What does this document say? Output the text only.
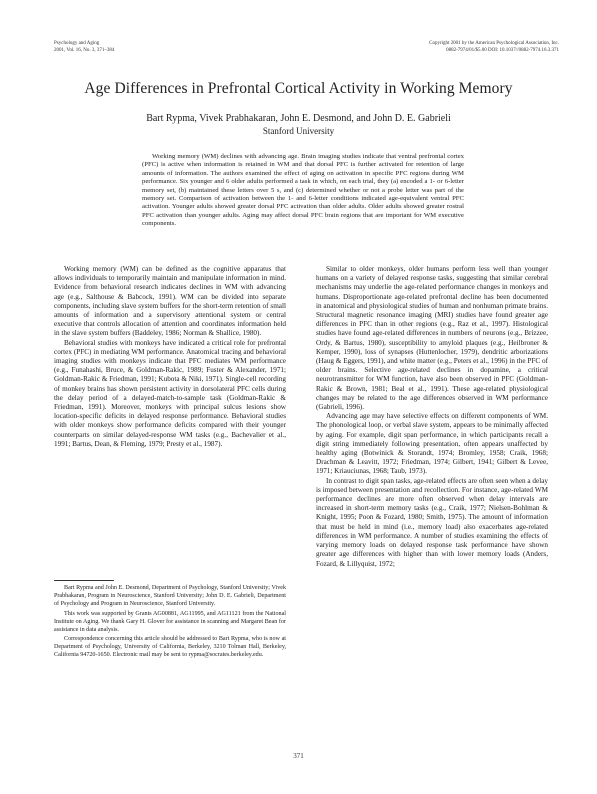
Psychology and Aging
2001, Vol. 16, No. 3, 371–384
Copyright 2001 by the American Psychological Association, Inc.
0882-7974/01/$5.00 DOI: 10.1037//0882-7974.16.3.371
Age Differences in Prefrontal Cortical Activity in Working Memory
Bart Rypma, Vivek Prabhakaran, John E. Desmond, and John D. E. Gabrieli
Stanford University

Working memory (WM) declines with advancing age. Brain imaging studies indicate that ventral prefrontal cortex (PFC) is active when information is retained in WM and that dorsal PFC is further activated for retention of large amounts of information. The authors examined the effect of aging on activation in specific PFC regions during WM performance. Six younger and 6 older adults performed a task in which, on each trial, they (a) encoded a 1- or 6-letter memory set, (b) maintained these letters over 5 s, and (c) determined whether or not a probe letter was part of the memory set. Comparison of activation between the 1- and 6-letter conditions indicated age-equivalent ventral PFC activation. Younger adults showed greater dorsal PFC activation than older adults. Older adults showed greater rostral PFC activation than younger adults. Aging may affect dorsal PFC brain regions that are important for WM executive components.

Working memory (WM) can be defined as the cognitive apparatus that allows individuals to temporarily maintain and manipulate information in mind. Evidence from behavioral research indicates declines in WM with advancing age (e.g., Salthouse & Babcock, 1991). WM can be divided into separate components, including slave system buffers for the short-term retention of small amounts of information and a supervisory attentional system or central executive that controls allocation of attention and coordinates information held in the slave system buffers (Baddeley, 1986; Norman & Shallice, 1980).

Behavioral studies with monkeys have indicated a critical role for prefrontal cortex (PFC) in mediating WM performance. Anatomical tracing and behavioral imaging studies with monkeys indicate that PFC mediates WM performance (e.g., Funahashi, Bruce, & Goldman-Rakic, 1989; Fuster & Alexander, 1971; Goldman-Rakic & Friedman, 1991; Kubota & Niki, 1971). Single-cell recording of monkey brains has shown persistent activity in dorsolateral PFC cells during the delay period of a delayed-match-to-sample task (Goldman-Rakic & Friedman, 1991). Moreover, monkeys with principal sulcus lesions show location-specific deficits in delayed response performance. Behavioral studies with older monkeys show performance deficits compared with their younger counterparts on similar delayed-response WM tasks (e.g., Bachevalier et al., 1991; Bartus, Dean, & Fleming, 1979; Presty et al., 1987).

Bart Rypma and John E. Desmond, Department of Psychology, Stanford University; Vivek Prabhakaran, Program in Neuroscience, Stanford University; John D. E. Gabrieli, Department of Psychology and Program in Neuroscience, Stanford University.

This work was supported by Grants AG00881, AG11995, and AG11121 from the National Institute on Aging. We thank Gary H. Glover for assistance in scanning and Margaret Bean for assistance in data analysis.

Correspondence concerning this article should be addressed to Bart Rypma, who is now at Department of Psychology, University of California, Berkeley, 3210 Tolman Hall, Berkeley, California 94720-1650. Electronic mail may be sent to rypma@socrates.berkeley.edu.

Similar to older monkeys, older humans perform less well than younger humans on a variety of delayed response tasks, suggesting that similar cerebral mechanisms may underlie the age-related performance changes in monkeys and humans. Disproportionate age-related prefrontal decline has been documented in anatomical and physiological studies of human and nonhuman primate brains. Structural magnetic resonance imaging (MRI) studies have found greater age differences in PFC than in other regions (e.g., Raz et al., 1997). Histological studies have found age-related differences in numbers of neurons (e.g., Brizzee, Ordy, & Bartus, 1980), susceptibility to amyloid plaques (e.g., Heilbroner & Kemper, 1990), loss of synapses (Huttenlocher, 1979), dendritic arborizations (Haug & Eggers, 1991), and white matter (e.g., Peters et al., 1996) in the PFC of older brains. Selective age-related declines in dopamine, a critical neurotransmitter for WM function, have also been observed in PFC (Goldman-Rakic & Brown, 1981; Beal et al., 1991). These age-related physiological changes may be related to the age differences observed in WM performance (Gabrieli, 1996).

Advancing age may have selective effects on different components of WM. The phonological loop, or verbal slave system, appears to be minimally affected by aging. For example, digit span performance, in which participants recall a digit string immediately following presentation, often appears unaffected by healthy aging (Botwinick & Storandt, 1974; Bromley, 1958; Craik, 1968; Drachman & Leavitt, 1972; Friedman, 1974; Gilbert, 1941; Gilbert & Levee, 1971; Kriauciunas, 1968; Taub, 1973).

In contrast to digit span tasks, age-related effects are often seen when a delay is imposed between presentation and recollection. For instance, age-related WM performance declines are more often observed when delay intervals are increased in short-term memory tasks (e.g., Craik, 1977; Nielsen-Bohlman & Knight, 1995; Poon & Fozard, 1980; Smith, 1975). The amount of information that must be held in mind (i.e., memory load) also exacerbates age-related differences in WM performance. A number of studies examining the effects of varying memory loads on delayed response task performance have shown greater age differences with higher than with lower memory loads (Anders, Fozard, & Lillyquist, 1972;

371
